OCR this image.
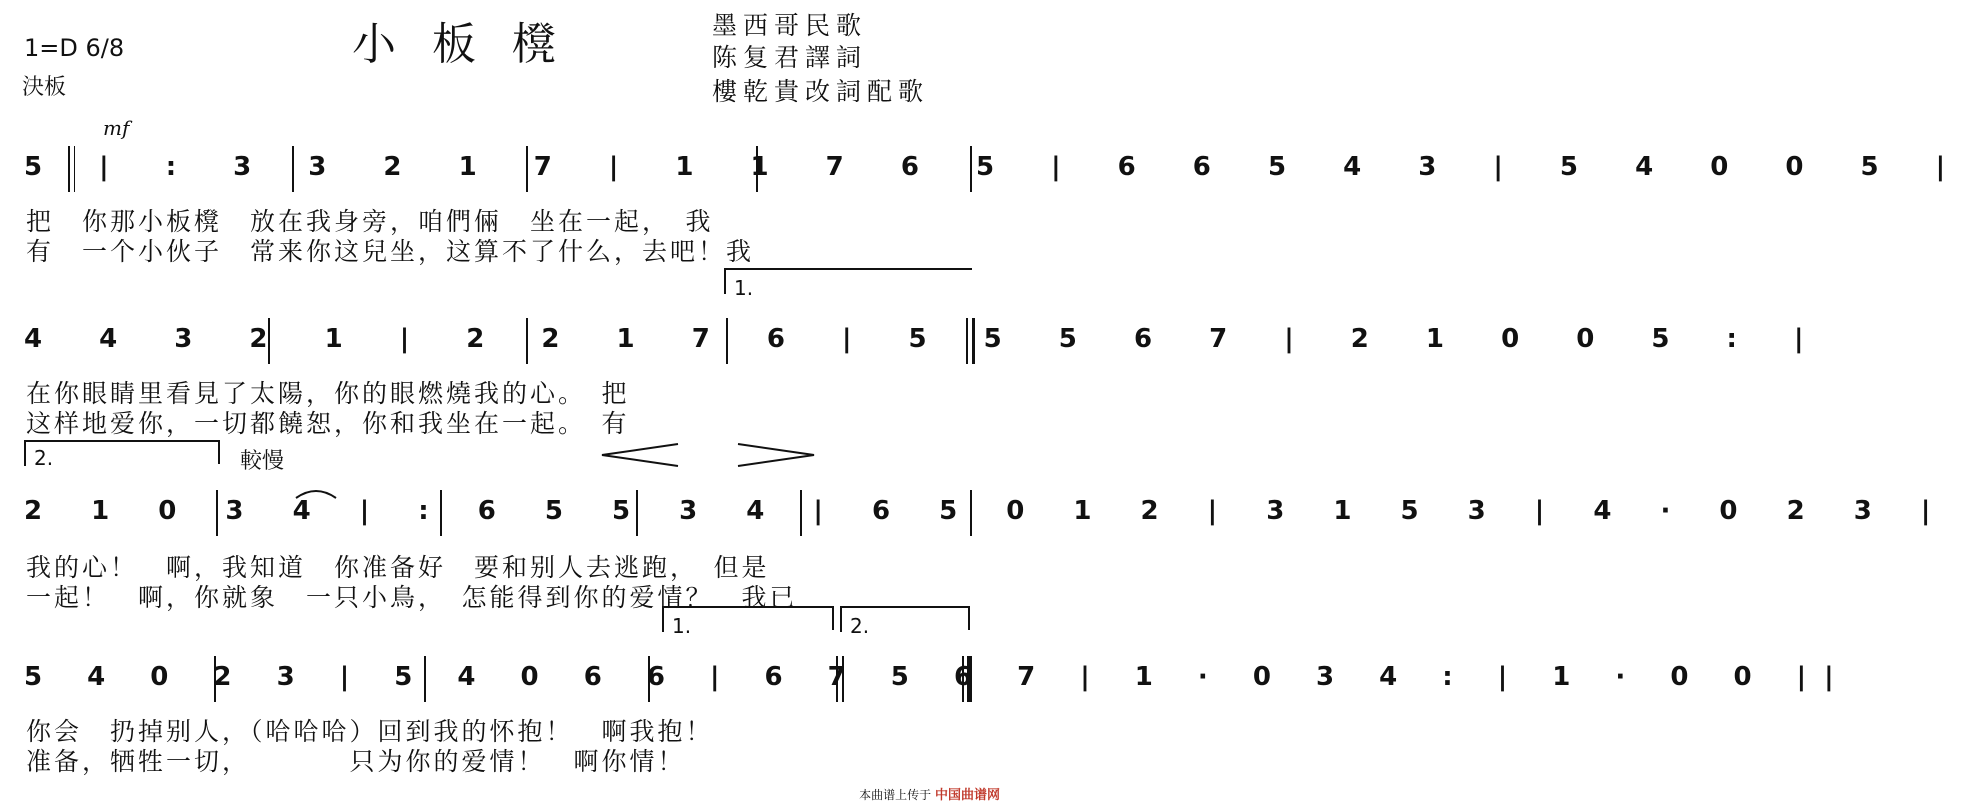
1=D 6/8
決板
小板櫈	墨西哥民歌
陈复君譯詞
樓乾貴改詞配歌
mf
5 | : 3 3 2 1 7 | 1 1 7 6 5 | 6 6 5 4 3 | 5 4 0 0 5 |
把　你那小板櫈　放在我身旁，咱們倆　坐在一起，　我
有　一个小伙子　常来你这兒坐，这算不了什么，去吧！我
1.
4 4 3 2 1 | 2 2 1 7 6 | 5 5 5 6 7 | 2 1 0 0 5 : |
在你眼睛里看見了太陽，你的眼燃燒我的心。　把
这样地爱你，一切都饒恕，你和我坐在一起。　有
2.	較慢
2 1 0 3 4 | : 6 5 5 3 4 | 6 5 0 1 2 | 3 1 5 3 | 4 · 0 2 3 |
我的心！　啊，我知道　你准备好　要和别人去逃跑，　但是
一起！　啊，你就象　一只小鳥，　怎能得到你的爱情？　我已
1.	2.
5 4 0 2 3 | 5 4 0 6 6 | 6 7 5 6 7 | 1 · 0 3 4 : | 1 · 0 0 ||
你会　扔掉别人，（哈哈哈）回到我的怀抱！　啊我抱！
准备，牺牲一切，　　　　只为你的爱情！　啊你情！
本曲谱上传于 中国曲谱网
